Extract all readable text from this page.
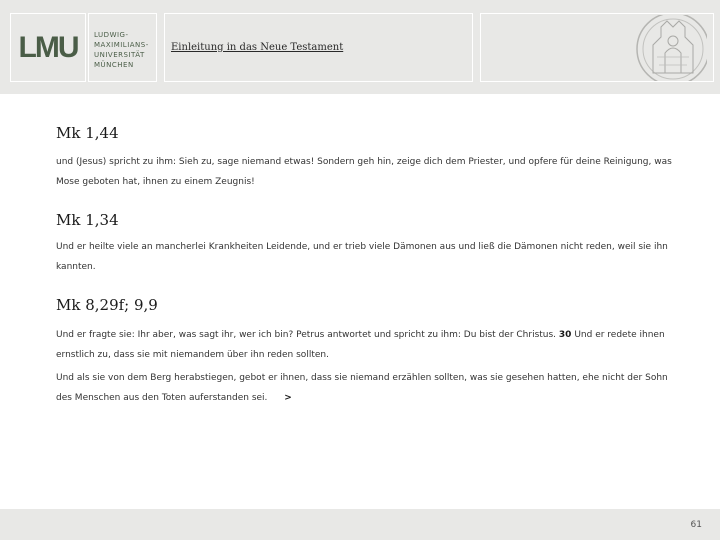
LMU LUDWIG-
MAXIMILIANS-
UNIVERSITÄT
MÜNCHEN
Einleitung in das Neue Testament
Mk 1,44
und (Jesus) spricht zu ihm: Sieh zu, sage niemand etwas! Sondern geh hin, zeige dich dem Priester, und opfere für deine Reinigung, was Mose geboten hat, ihnen zu einem Zeugnis!
Mk 1,34
Und er heilte viele an mancherlei Krankheiten Leidende, und er trieb viele Dämonen aus und ließ die Dämonen nicht reden, weil sie ihn kannten.
Mk 8,29f; 9,9
Und er fragte sie: Ihr aber, was sagt ihr, wer ich bin? Petrus antwortet und spricht zu ihm: Du bist der Christus. 30 Und er redete ihnen ernstlich zu, dass sie mit niemandem über ihn reden sollten.
Und als sie von dem Berg herabstiegen, gebot er ihnen, dass sie niemand erzählen sollten, was sie gesehen hatten, ehe nicht der Sohn des Menschen aus den Toten auferstanden sei. >
61
